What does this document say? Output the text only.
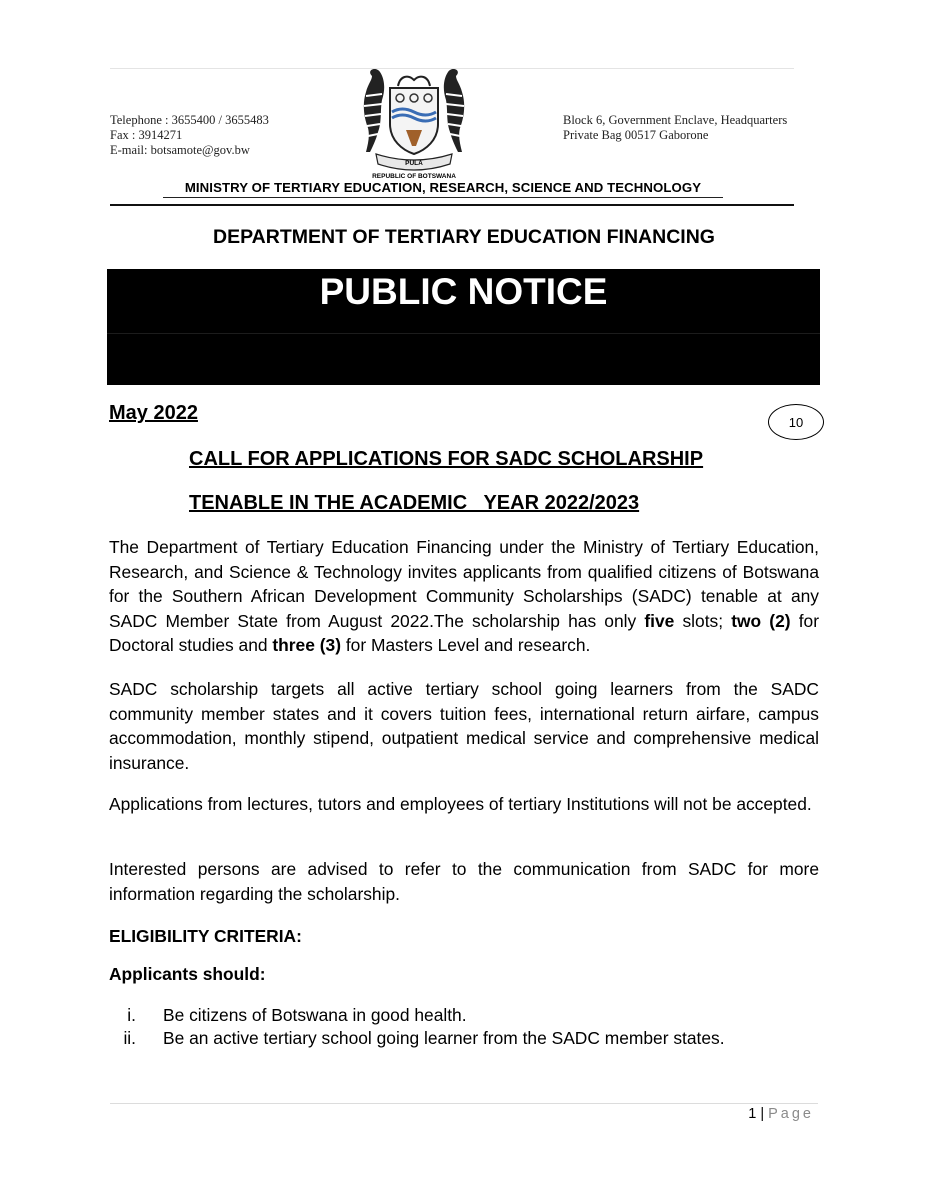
Telephone : 3655400 / 3655483
Fax : 3914271
E-mail: botsamote@gov.bw
Block 6, Government Enclave, Headquarters
Private Bag 00517 Gaborone
PULA
REPUBLIC OF BOTSWANA
MINISTRY OF TERTIARY EDUCATION, RESEARCH, SCIENCE AND TECHNOLOGY
DEPARTMENT OF TERTIARY EDUCATION FINANCING
PUBLIC NOTICE
May 2022	10
CALL FOR APPLICATIONS FOR SADC SCHOLARSHIP
TENABLE IN THE ACADEMIC   YEAR 2022/2023
The Department of Tertiary Education Financing under the Ministry of Tertiary Education, Research, and Science & Technology invites applicants from qualified citizens of Botswana for the Southern African Development Community Scholarships (SADC) tenable at any SADC Member State from August 2022.The scholarship has only five slots; two (2) for Doctoral studies and three (3) for Masters Level and research.
SADC scholarship targets all active tertiary school going learners from the SADC community member states and it covers tuition fees, international return airfare, campus accommodation, monthly stipend, outpatient medical service and comprehensive medical insurance.
Applications from lectures, tutors and employees of tertiary Institutions will not be accepted.
Interested persons are advised to refer to the communication from SADC for more information regarding the scholarship.
ELIGIBILITY CRITERIA:
Applicants should:
i. Be citizens of Botswana in good health.
ii. Be an active tertiary school going learner from the SADC member states.
1 | Page
